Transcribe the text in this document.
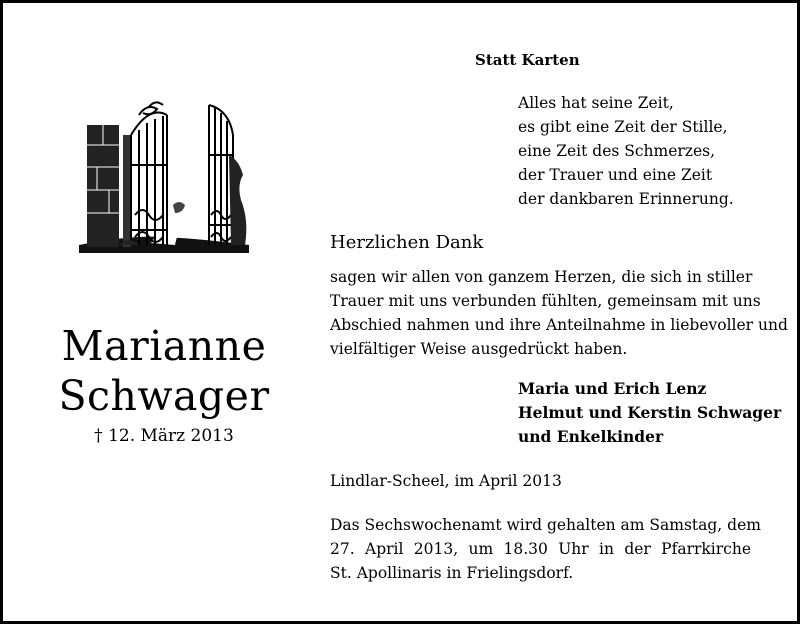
Marianne
Schwager
† 12. März 2013
Statt Karten
Alles hat seine Zeit,
es gibt eine Zeit der Stille,
eine Zeit des Schmerzes,
der Trauer und eine Zeit
der dankbaren Erinnerung.
Herzlichen Dank
sagen wir allen von ganzem Herzen, die sich in stiller
Trauer mit uns verbunden fühlten, gemeinsam mit uns
Abschied nahmen und ihre Anteilnahme in liebevoller und
vielfältiger Weise ausgedrückt haben.
Maria und Erich Lenz
Helmut und Kerstin Schwager
und Enkelkinder
Lindlar-Scheel, im April 2013
Das Sechswochenamt wird gehalten am Samstag, dem
27. April 2013, um 18.30 Uhr in der Pfarrkirche
St. Apollinaris in Frielingsdorf.
